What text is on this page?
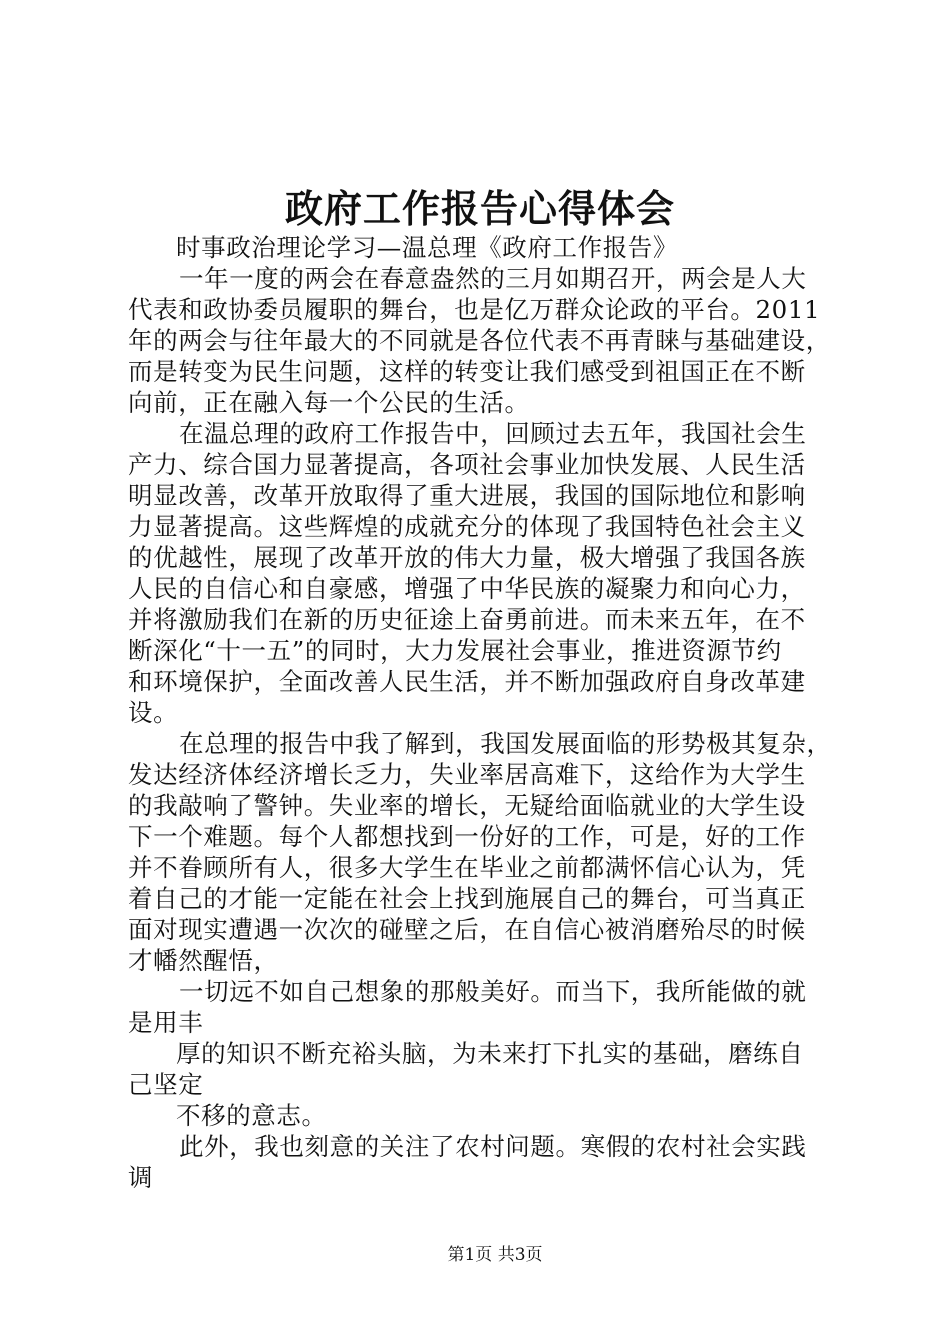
政府工作报告心得体会
时事政治理论学习—温总理《政府工作报告》
一年一度的两会在春意盎然的三月如期召开，两会是人大
代表和政协委员履职的舞台，也是亿万群众论政的平台。2011
年的两会与往年最大的不同就是各位代表不再青睐与基础建设，
而是转变为民生问题，这样的转变让我们感受到祖国正在不断
向前，正在融入每一个公民的生活。
在温总理的政府工作报告中，回顾过去五年，我国社会生
产力、综合国力显著提高，各项社会事业加快发展、人民生活
明显改善，改革开放取得了重大进展，我国的国际地位和影响
力显著提高。这些辉煌的成就充分的体现了我国特色社会主义
的优越性，展现了改革开放的伟大力量，极大增强了我国各族
人民的自信心和自豪感，增强了中华民族的凝聚力和向心力，
并将激励我们在新的历史征途上奋勇前进。而未来五年，在不
断深化“十一五”的同时，大力发展社会事业，推进资源节约
和环境保护，全面改善人民生活，并不断加强政府自身改革建
设。
在总理的报告中我了解到，我国发展面临的形势极其复杂，
发达经济体经济增长乏力，失业率居高难下，这给作为大学生
的我敲响了警钟。失业率的增长，无疑给面临就业的大学生设
下一个难题。每个人都想找到一份好的工作，可是，好的工作
并不眷顾所有人，很多大学生在毕业之前都满怀信心认为，凭
着自己的才能一定能在社会上找到施展自己的舞台，可当真正
面对现实遭遇一次次的碰壁之后，在自信心被消磨殆尽的时候
才幡然醒悟，
一切远不如自己想象的那般美好。而当下，我所能做的就
是用丰
厚的知识不断充裕头脑，为未来打下扎实的基础，磨练自
己坚定
不移的意志。
此外，我也刻意的关注了农村问题。寒假的农村社会实践
调
第1页 共3页
